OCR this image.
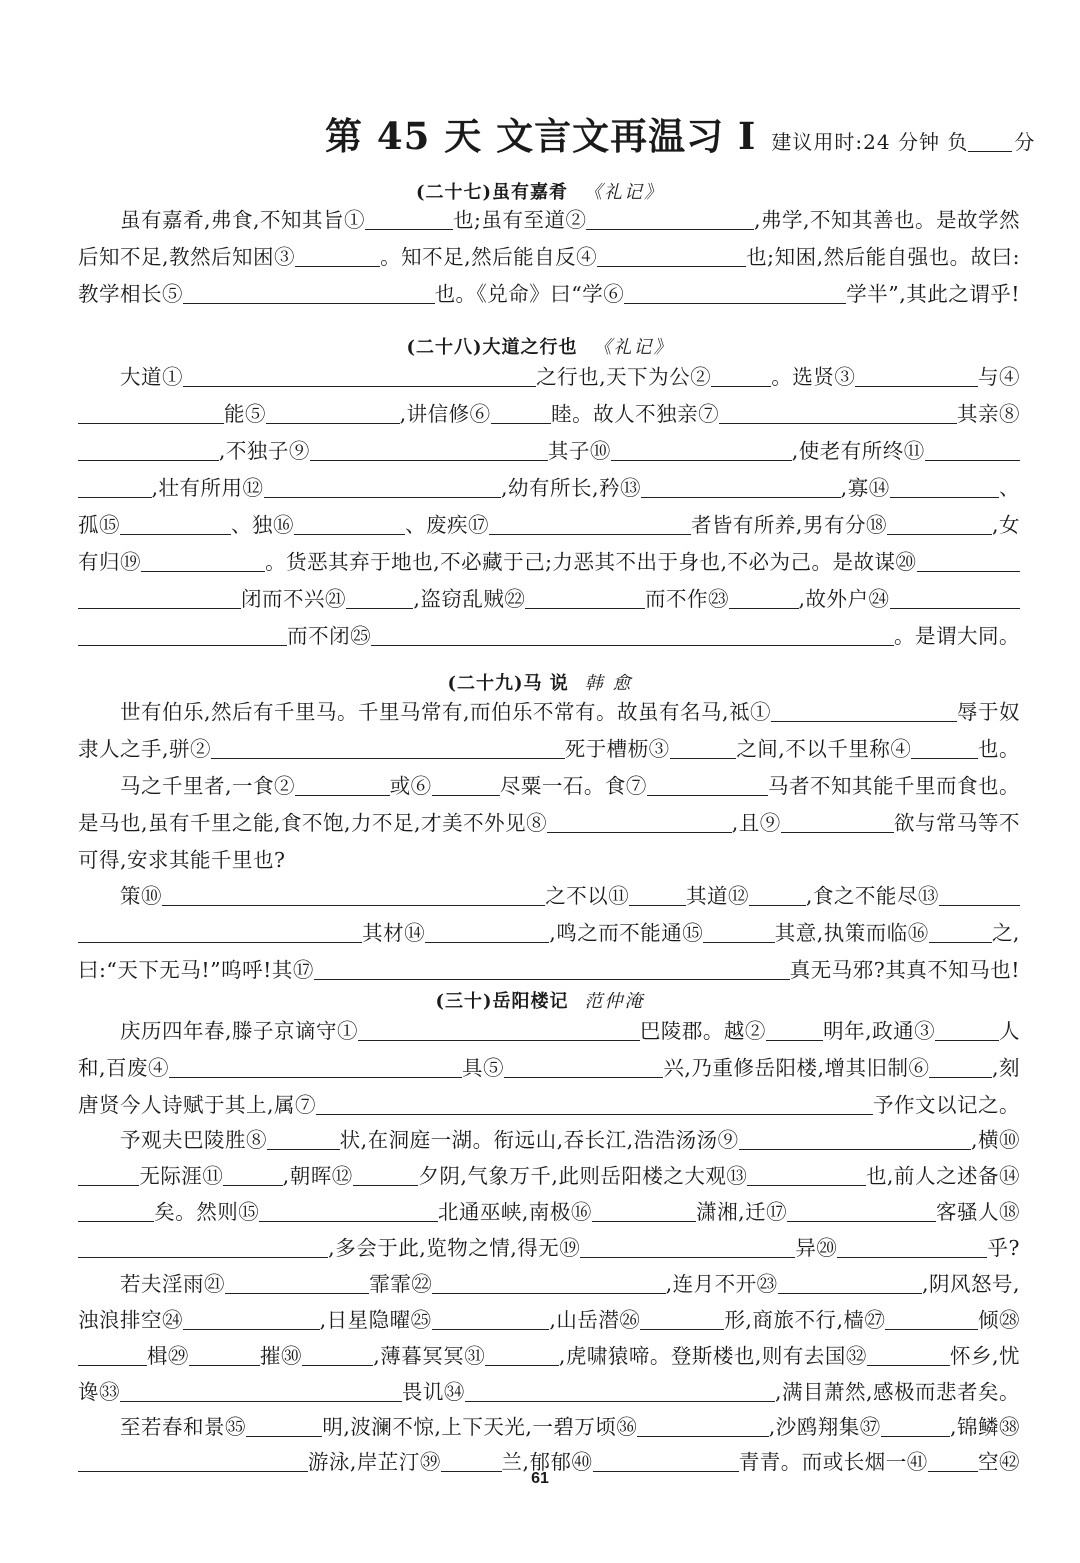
第 45 天 文言文再温习 I 建议用时:24 分钟 负 分
(二十七)虽有嘉肴 《礼记》
虽有嘉肴,弗食,不知其旨①	也;虽有至道②	,弗学,不知其善也。是故学然
后知不足,教然后知困③	。知不足,然后能自反④	也;知困,然后能自强也。故曰:
教学相长⑤	也。《兑命》曰“学⑥	学半”,其此之谓乎!
(二十八)大道之行也 《礼记》
大道①	之行也,天下为公②	。选贤③	与④
能⑤	,讲信修⑥	睦。故人不独亲⑦	其亲⑧
,不独子⑨	其子⑩	,使老有所终⑪
,壮有所用⑫	,幼有所长,矜⑬	,寡⑭	、
孤⑮	、独⑯	、废疾⑰	者皆有所养,男有分⑱	,女
有归⑲	。货恶其弃于地也,不必藏于己;力恶其不出于身也,不必为己。是故谋⑳
闭而不兴㉑	,盗窃乱贼㉒	而不作㉓	,故外户㉔
而不闭㉕	。是谓大同。
(二十九)马 说 韩 愈
世有伯乐,然后有千里马。千里马常有,而伯乐不常有。故虽有名马,祗①	辱于奴
隶人之手,骈②	死于槽枥③	之间,不以千里称④	也。
马之千里者,一食②	或⑥	尽粟一石。食⑦	马者不知其能千里而食也。
是马也,虽有千里之能,食不饱,力不足,才美不外见⑧	,且⑨	欲与常马等不
可得,安求其能千里也?
策⑩	之不以⑪	其道⑫	,食之不能尽⑬
其材⑭	,鸣之而不能通⑮	其意,执策而临⑯	之,
曰:“天下无马!”呜呼!其⑰	真无马邪?其真不知马也!
(三十)岳阳楼记 范仲淹
庆历四年春,滕子京谪守①	巴陵郡。越②	明年,政通③	人
和,百废④	具⑤	兴,乃重修岳阳楼,增其旧制⑥	,刻
唐贤今人诗赋于其上,属⑦	予作文以记之。
予观夫巴陵胜⑧	状,在洞庭一湖。衔远山,吞长江,浩浩汤汤⑨	,横⑩
无际涯⑪	,朝晖⑫	夕阴,气象万千,此则岳阳楼之大观⑬	也,前人之述备⑭
矣。然则⑮	北通巫峡,南极⑯	潇湘,迁⑰	客骚人⑱
,多会于此,览物之情,得无⑲	异⑳	乎?
若夫淫雨㉑	霏霏㉒	,连月不开㉓	,阴风怒号,
浊浪排空㉔	,日星隐曜㉕	,山岳潜㉖	形,商旅不行,樯㉗	倾㉘
楫㉙	摧㉚	,薄暮冥冥㉛	,虎啸猿啼。登斯楼也,则有去国㉜	怀乡,忧
谗㉝	畏讥㉞	,满目萧然,感极而悲者矣。
至若春和景㉟	明,波澜不惊,上下天光,一碧万顷㊱	,沙鸥翔集㊲	,锦鳞㊳
游泳,岸芷汀㊴	兰,郁郁㊵	青青。而或长烟一㊶ 空㊷
61
